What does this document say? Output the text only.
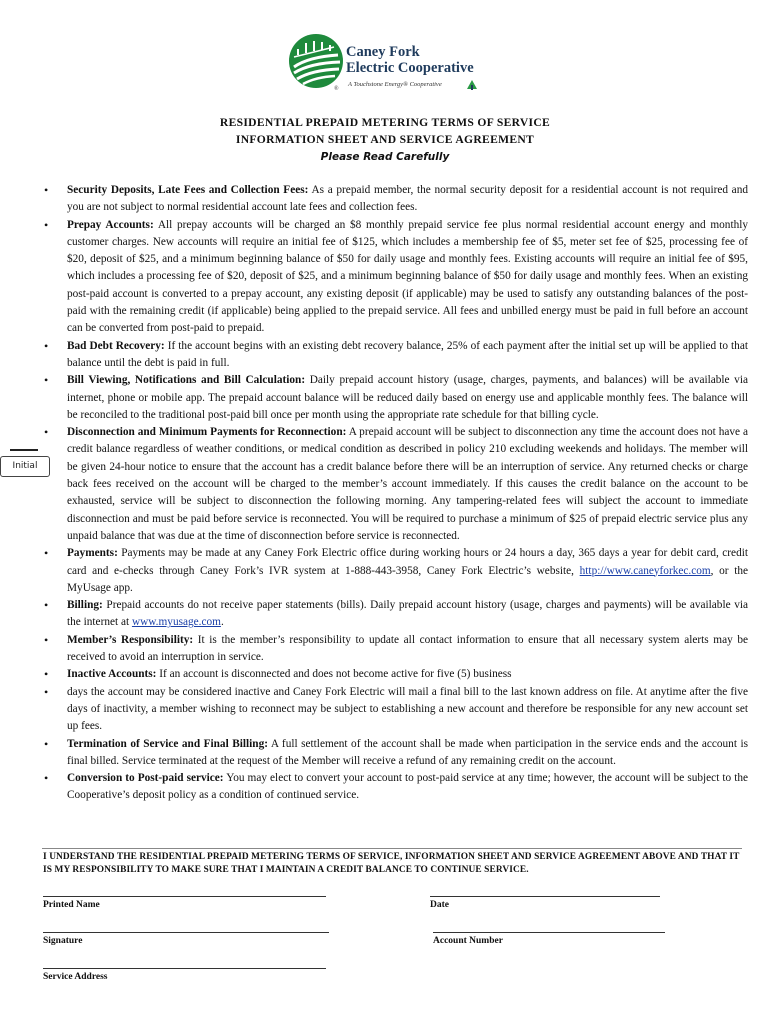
Caney Fork
Electric Cooperative
®
A Touchstone Energy® Cooperative
RESIDENTIAL PREPAID METERING TERMS OF SERVICE
INFORMATION SHEET AND SERVICE AGREEMENT
Please Read Carefully
Initial
• Security Deposits, Late Fees and Collection Fees: As a prepaid member, the normal security deposit for a residential account is not required and you are not subject to normal residential account late fees and collection fees.
• Prepay Accounts: All prepay accounts will be charged an $8 monthly prepaid service fee plus normal residential account energy and monthly customer charges. New accounts will require an initial fee of $125, which includes a membership fee of $5, meter set fee of $25, processing fee of $20, deposit of $25, and a minimum beginning balance of $50 for daily usage and monthly fees. Existing accounts will require an initial fee of $95, which includes a processing fee of $20, deposit of $25, and a minimum beginning balance of $50 for daily usage and monthly fees. When an existing post-paid account is converted to a prepay account, any existing deposit (if applicable) may be used to satisfy any outstanding balances of the post-paid with the remaining credit (if applicable) being applied to the prepaid service. All fees and unbilled energy must be paid in full before an account can be converted from post-paid to prepaid.
• Bad Debt Recovery: If the account begins with an existing debt recovery balance, 25% of each payment after the initial set up will be applied to that balance until the debt is paid in full.
• Bill Viewing, Notifications and Bill Calculation: Daily prepaid account history (usage, charges, payments, and balances) will be available via internet, phone or mobile app. The prepaid account balance will be reduced daily based on energy use and applicable monthly fees. The balance will be reconciled to the traditional post-paid bill once per month using the appropriate rate schedule for that billing cycle.
• Disconnection and Minimum Payments for Reconnection: A prepaid account will be subject to disconnection any time the account does not have a credit balance regardless of weather conditions, or medical condition as described in policy 210 excluding weekends and holidays. The member will be given 24-hour notice to ensure that the account has a credit balance before there will be an interruption of service. Any returned checks or charge back fees received on the account will be charged to the member’s account immediately. If this causes the credit balance on the account to be exhausted, service will be subject to disconnection the following morning. Any tampering-related fees will subject the account to immediate disconnection and must be paid before service is reconnected. You will be required to purchase a minimum of $25 of prepaid electric service plus any unpaid balance that was due at the time of disconnection before service is reconnected.
• Payments: Payments may be made at any Caney Fork Electric office during working hours or 24 hours a day, 365 days a year for debit card, credit card and e-checks through Caney Fork’s IVR system at 1-888-443-3958, Caney Fork Electric’s website, http://www.caneyforkec.com, or the MyUsage app.
• Billing: Prepaid accounts do not receive paper statements (bills). Daily prepaid account history (usage, charges and payments) will be available via the internet at www.myusage.com.
• Member’s Responsibility: It is the member’s responsibility to update all contact information to ensure that all necessary system alerts may be received to avoid an interruption in service.
• Inactive Accounts: If an account is disconnected and does not become active for five (5) business
• days the account may be considered inactive and Caney Fork Electric will mail a final bill to the last known address on file. At anytime after the five days of inactivity, a member wishing to reconnect may be subject to establishing a new account and therefore be responsible for any new account set up fees.
• Termination of Service and Final Billing: A full settlement of the account shall be made when participation in the service ends and the account is final billed. Service terminated at the request of the Member will receive a refund of any remaining credit on the account.
• Conversion to Post-paid service: You may elect to convert your account to post-paid service at any time; however, the account will be subject to the Cooperative’s deposit policy as a condition of continued service.
I UNDERSTAND THE RESIDENTIAL PREPAID METERING TERMS OF SERVICE, INFORMATION SHEET AND SERVICE AGREEMENT ABOVE AND THAT IT IS MY RESPONSIBILITY TO MAKE SURE THAT I MAINTAIN A CREDIT BALANCE TO CONTINUE SERVICE.
Printed Name	Date
Signature	Account Number
Service Address
